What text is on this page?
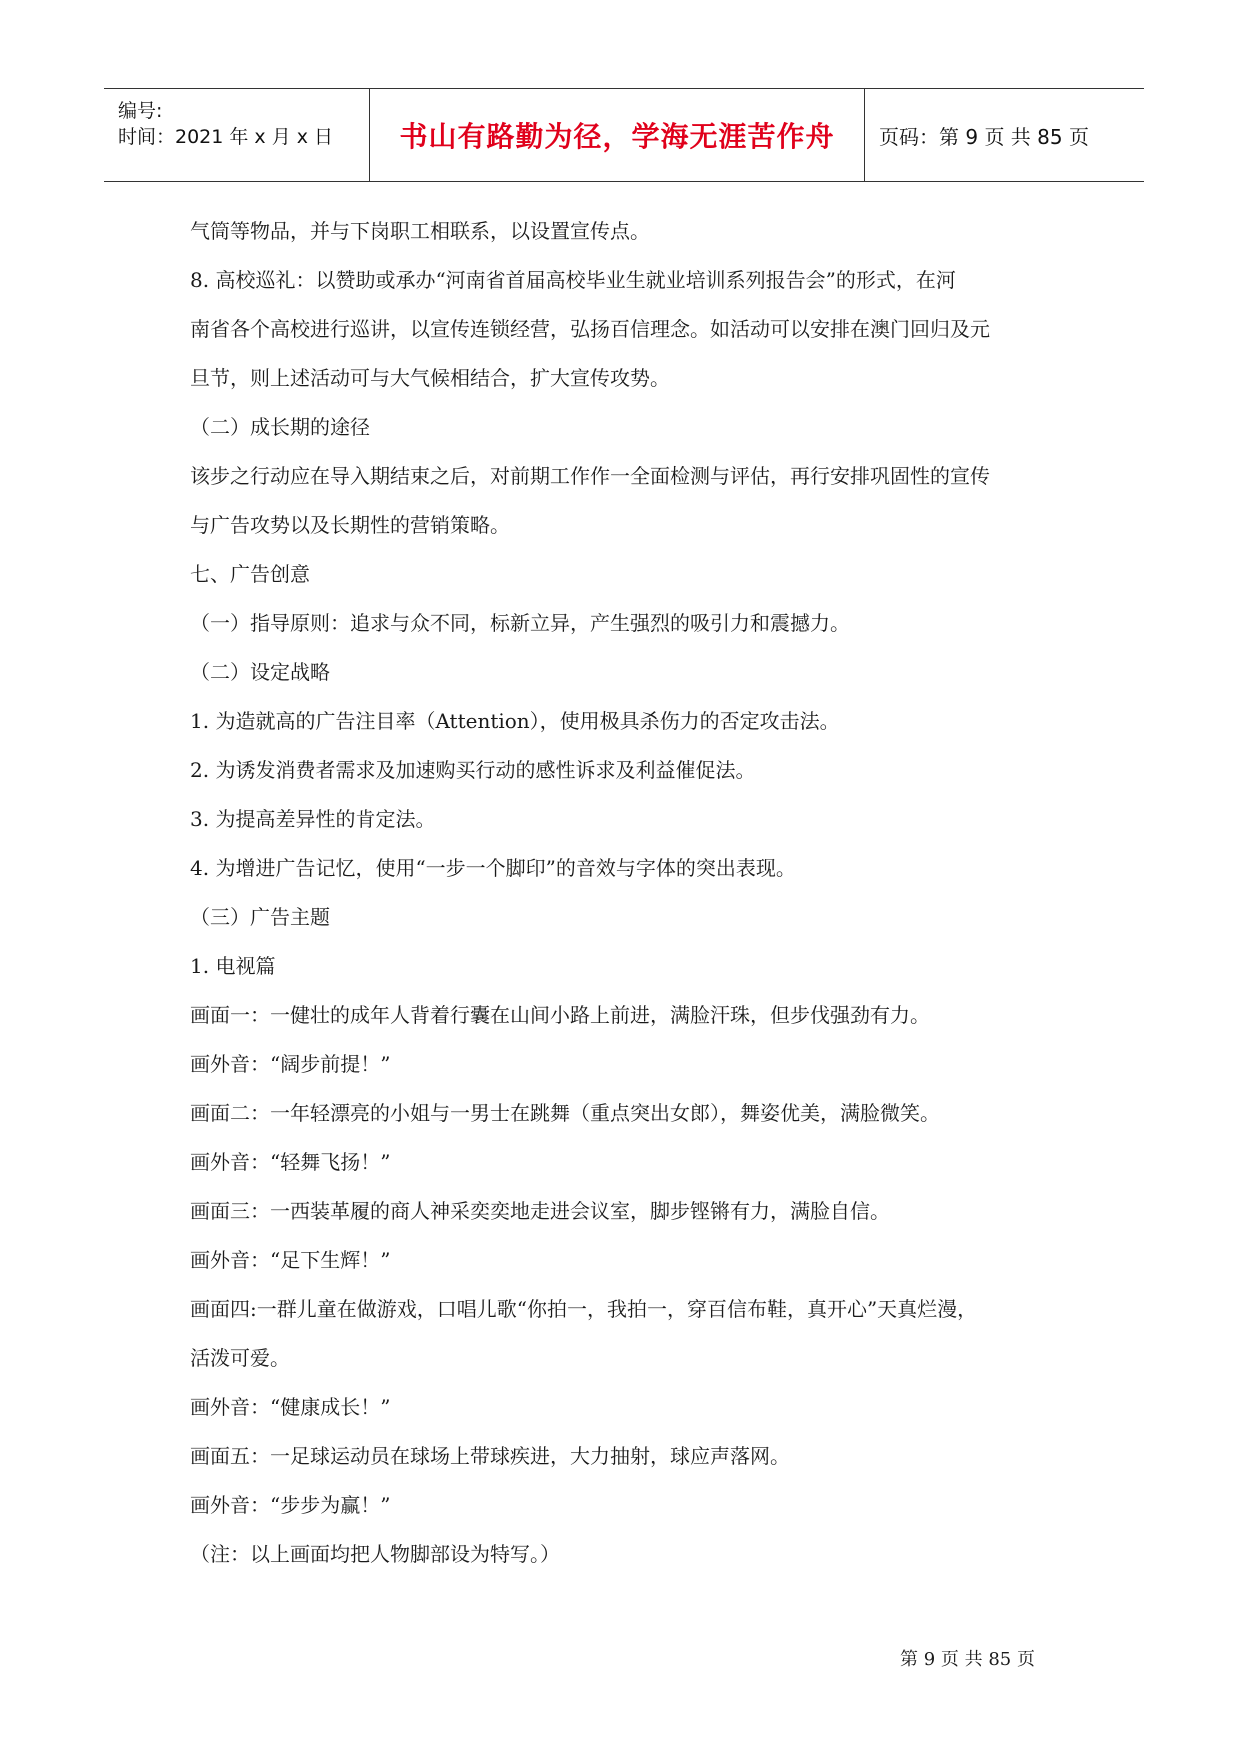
编号:
时间：2021 年 x 月 x 日 书山有路勤为径，学海无涯苦作舟	页码：第 9 页 共 85 页
气筒等物品，并与下岗职工相联系，以设置宣传点。
8. 高校巡礼：以赞助或承办“河南省首届高校毕业生就业培训系列报告会”的形式，在河
南省各个高校进行巡讲，以宣传连锁经营，弘扬百信理念。如活动可以安排在澳门回归及元
旦节，则上述活动可与大气候相结合，扩大宣传攻势。
（二）成长期的途径
该步之行动应在导入期结束之后，对前期工作作一全面检测与评估，再行安排巩固性的宣传
与广告攻势以及长期性的营销策略。
七、广告创意
（一）指导原则：追求与众不同，标新立异，产生强烈的吸引力和震撼力。
（二）设定战略
1. 为造就高的广告注目率（Attention），使用极具杀伤力的否定攻击法。
2. 为诱发消费者需求及加速购买行动的感性诉求及利益催促法。
3. 为提高差异性的肯定法。
4. 为增进广告记忆，使用“一步一个脚印”的音效与字体的突出表现。
（三）广告主题
1. 电视篇
画面一：一健壮的成年人背着行囊在山间小路上前进，满脸汗珠，但步伐强劲有力。
画外音：“阔步前提！”
画面二：一年轻漂亮的小姐与一男士在跳舞（重点突出女郎），舞姿优美，满脸微笑。
画外音：“轻舞飞扬！”
画面三：一西装革履的商人神采奕奕地走进会议室，脚步铿锵有力，满脸自信。
画外音：“足下生辉！”
画面四:一群儿童在做游戏，口唱儿歌“你拍一，我拍一，穿百信布鞋，真开心”天真烂漫，
活泼可爱。
画外音：“健康成长！”
画面五：一足球运动员在球场上带球疾进，大力抽射，球应声落网。
画外音：“步步为赢！”
（注：以上画面均把人物脚部设为特写。）
第 9 页 共 85 页
